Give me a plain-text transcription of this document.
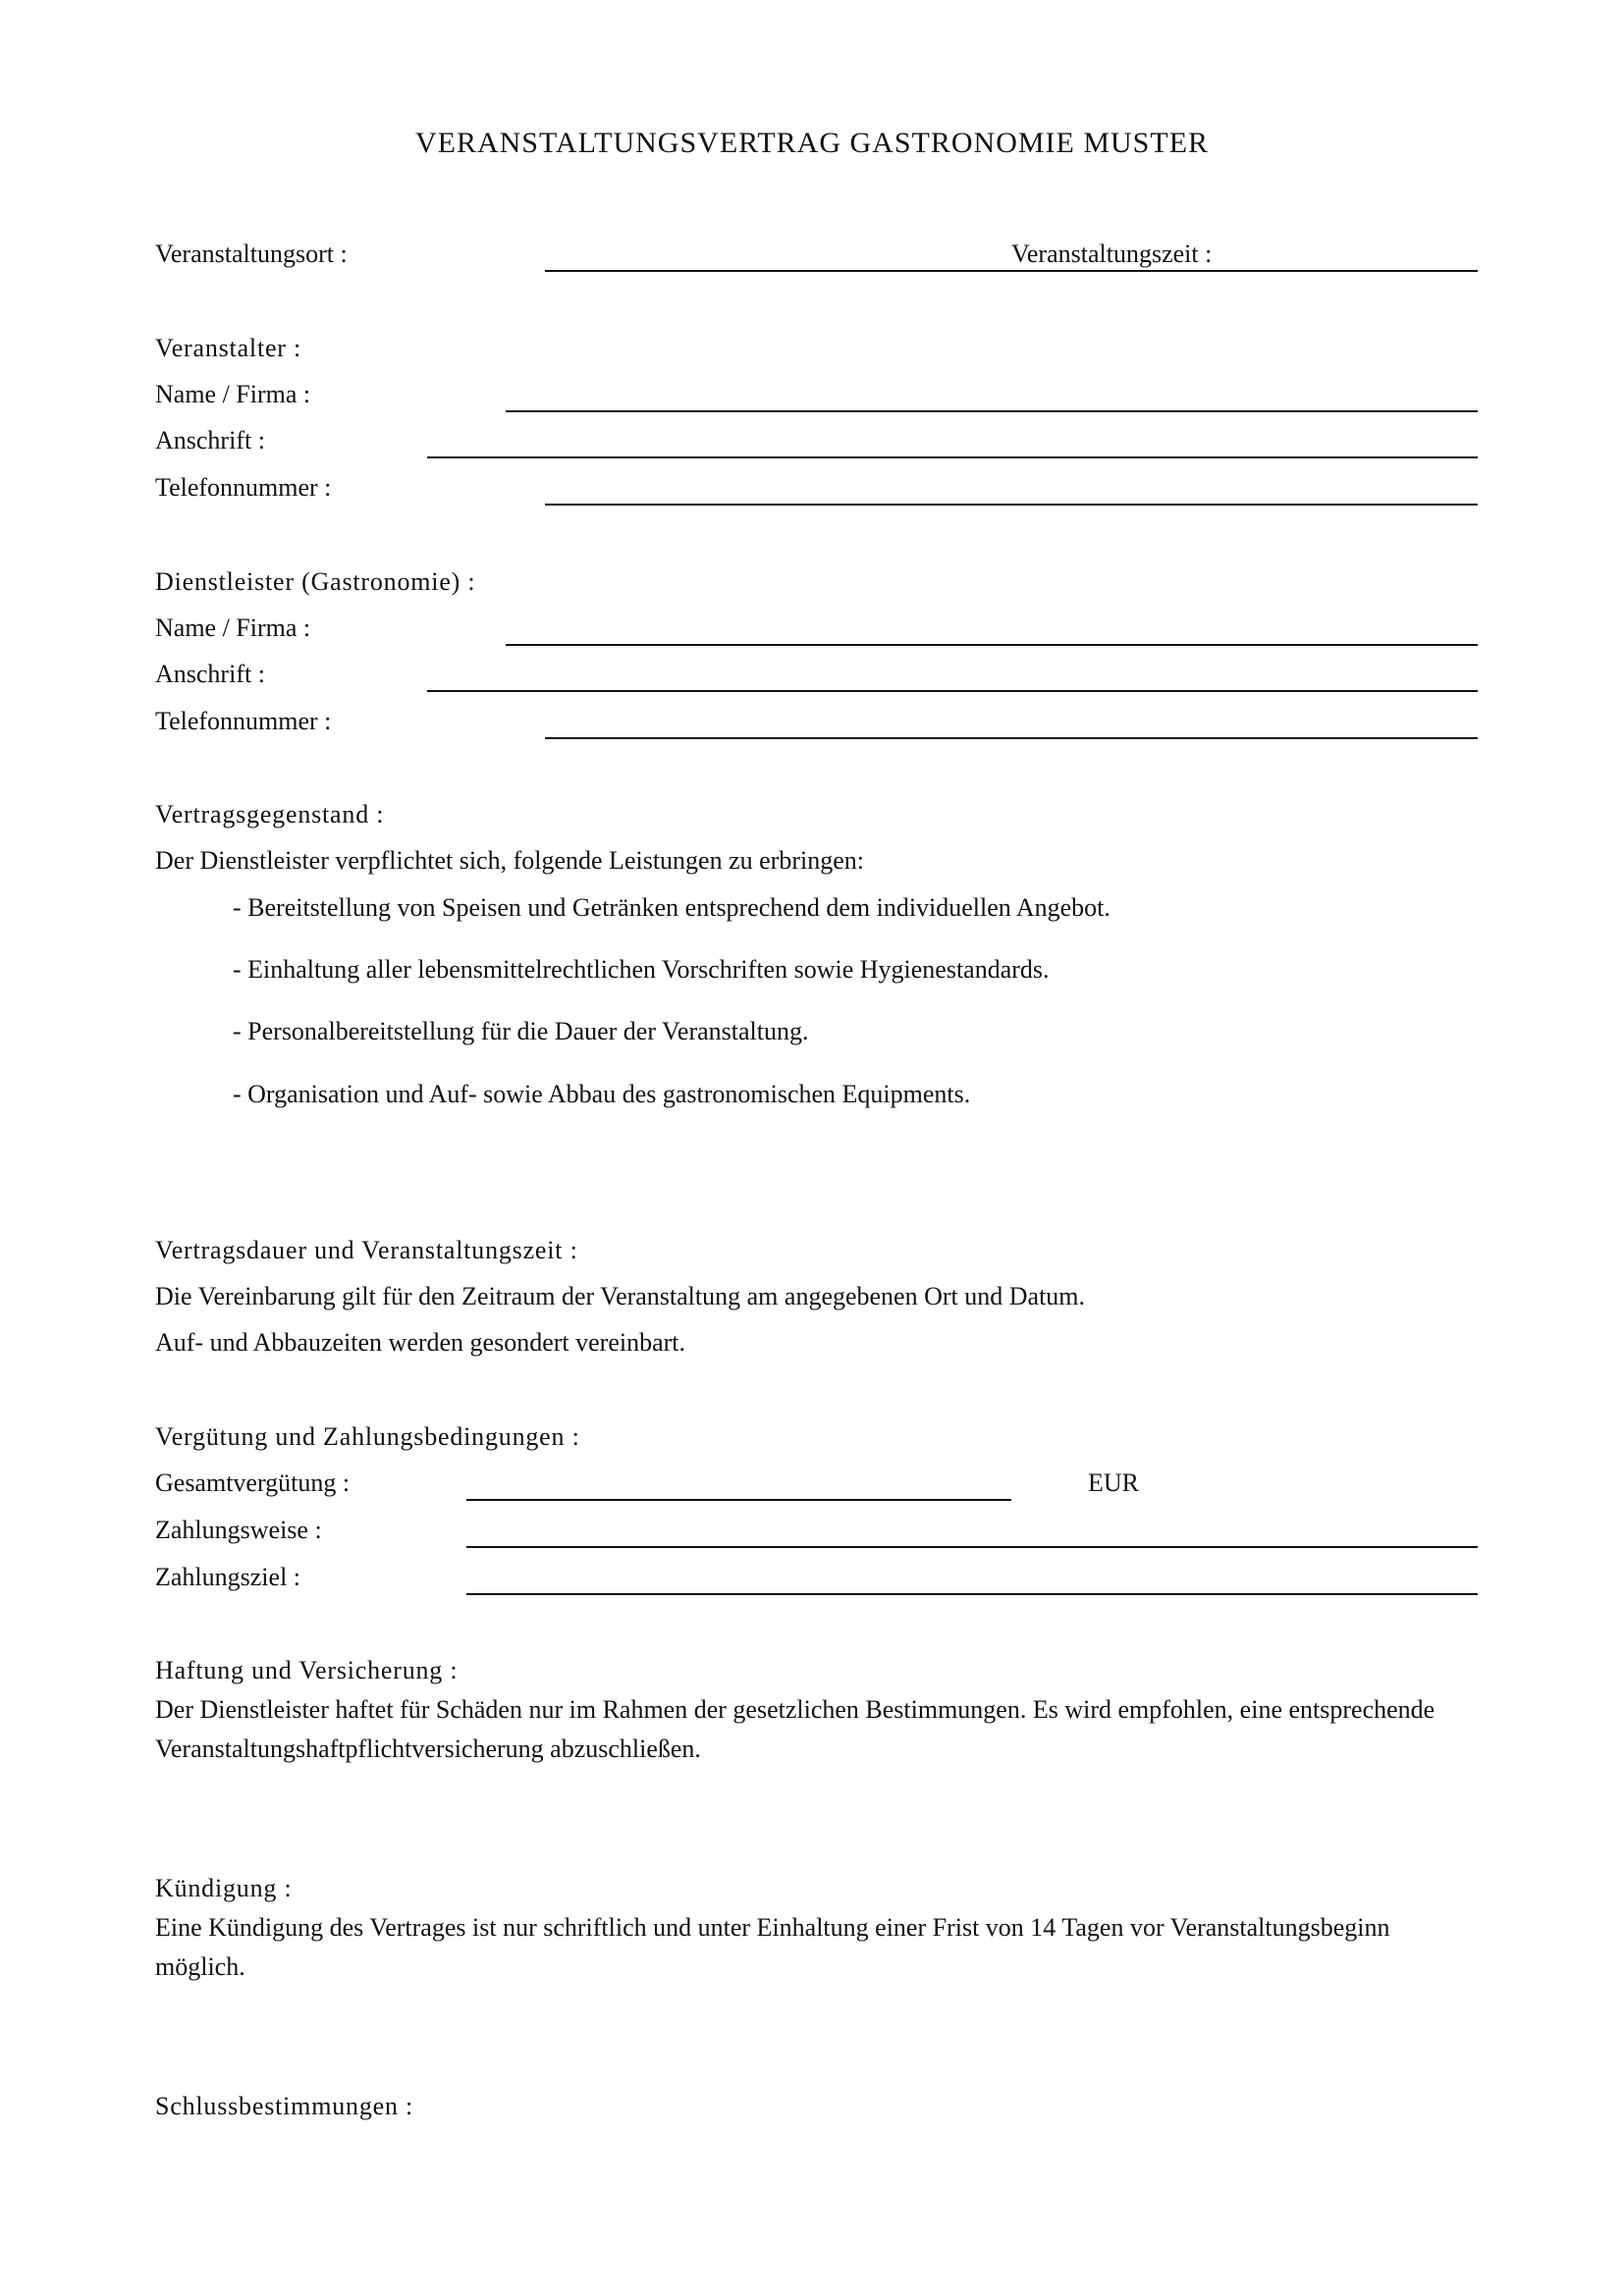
VERANSTALTUNGSVERTRAG GASTRONOMIE MUSTER
Veranstaltungsort :	Veranstaltungszeit :
Veranstalter :
Name / Firma :
Anschrift :
Telefonnummer :
Dienstleister (Gastronomie) :
Name / Firma :
Anschrift :
Telefonnummer :
Vertragsgegenstand :
Der Dienstleister verpflichtet sich, folgende Leistungen zu erbringen:
- Bereitstellung von Speisen und Getränken entsprechend dem individuellen Angebot.
- Einhaltung aller lebensmittelrechtlichen Vorschriften sowie Hygienestandards.
- Personalbereitstellung für die Dauer der Veranstaltung.
- Organisation und Auf- sowie Abbau des gastronomischen Equipments.
Vertragsdauer und Veranstaltungszeit :
Die Vereinbarung gilt für den Zeitraum der Veranstaltung am angegebenen Ort und Datum.
Auf- und Abbauzeiten werden gesondert vereinbart.
Vergütung und Zahlungsbedingungen :
Gesamtvergütung :	EUR
Zahlungsweise :
Zahlungsziel :
Haftung und Versicherung :
Der Dienstleister haftet für Schäden nur im Rahmen der gesetzlichen Bestimmungen. Es wird empfohlen, eine entsprechende Veranstaltungshaftpflichtversicherung abzuschließen.
Kündigung :
Eine Kündigung des Vertrages ist nur schriftlich und unter Einhaltung einer Frist von 14 Tagen vor Veranstaltungsbeginn möglich.
Schlussbestimmungen :
